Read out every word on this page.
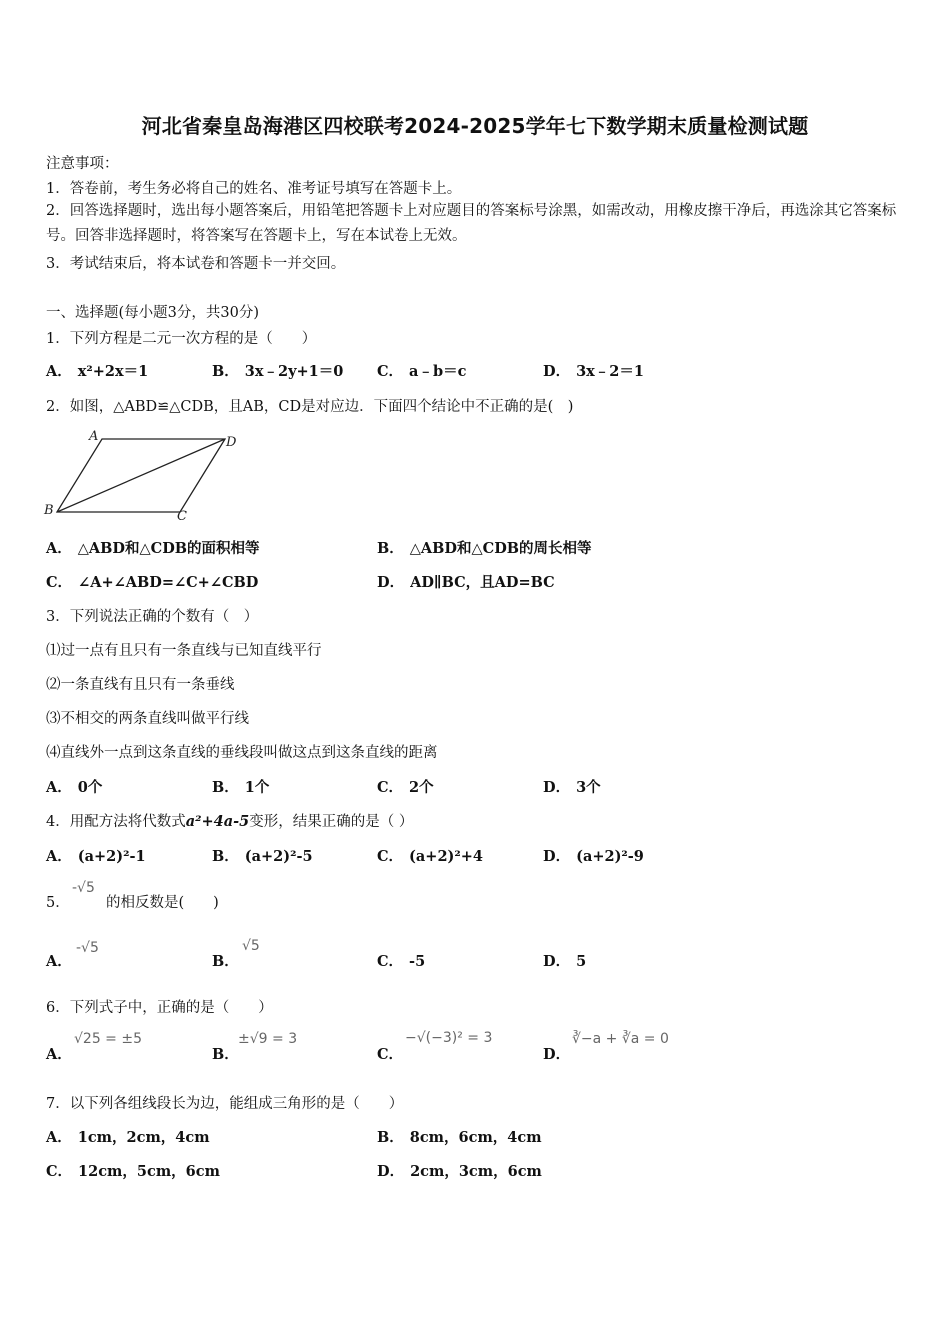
河北省秦皇岛海港区四校联考2024-2025学年七下数学期末质量检测试题
注意事项：
1．答卷前，考生务必将自己的姓名、准考证号填写在答题卡上。
2．回答选择题时，选出每小题答案后，用铅笔把答题卡上对应题目的答案标号涂黑，如需改动，用橡皮擦干净后，再选涂其它答案标号。回答非选择题时，将答案写在答题卡上，写在本试卷上无效。
3．考试结束后，将本试卷和答题卡一并交回。
一、选择题(每小题3分，共30分)
1．下列方程是二元一次方程的是（　　）
A． x²+2x＝1	B． 3x﹣2y+1＝0 C． a﹣b＝c	D． 3x﹣2＝1
2．如图，△ABD≌△CDB，且AB，CD是对应边．下面四个结论中不正确的是(　)
A	D
B	C
A． △ABD和△CDB的面积相等	B． △ABD和△CDB的周长相等
C． ∠A+∠ABD=∠C+∠CBD	D． AD∥BC，且AD=BC
3．下列说法正确的个数有（　）
⑴过一点有且只有一条直线与已知直线平行
⑵一条直线有且只有一条垂线
⑶不相交的两条直线叫做平行线
⑷直线外一点到这条直线的垂线段叫做这点到这条直线的距离
A． 0个	B． 1个	C． 2个	D． 3个
4．用配方法将代数式a²+4a-5变形，结果正确的是（ ）
A． (a+2)²-1	B． (a+2)²-5	C． (a+2)²+4	D． (a+2)²-9
5．
-√5
的相反数是(　　)
A．
-√5
B．
√5
C． -5	D． 5
6．下列式子中，正确的是（　　）
A．
√25 = ±5
B．
±√9 = 3
C．
−√(−3)² = 3
D．
∛−a + ∛a = 0
7．以下列各组线段长为边，能组成三角形的是（　　）
A． 1cm，2cm，4cm	B． 8cm，6cm，4cm
C． 12cm，5cm，6cm	D． 2cm，3cm，6cm
